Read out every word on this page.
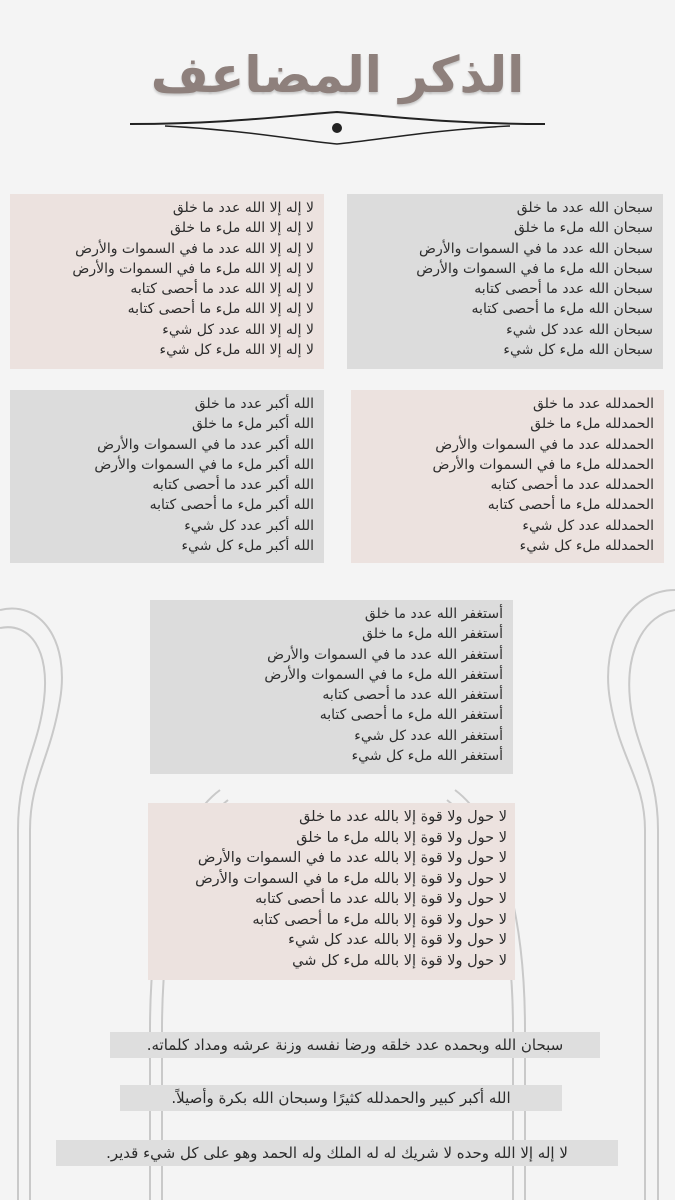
الذكر المضاعف
سبحان الله عدد ما خلق
سبحان الله ملء ما خلق
سبحان الله عدد ما في السموات والأرض
سبحان الله ملء ما في السموات والأرض
سبحان الله عدد ما أحصى كتابه
سبحان الله ملء ما أحصى كتابه
سبحان الله عدد كل شيء
سبحان الله ملء كل شيء
لا إله إلا الله عدد ما خلق
لا إله إلا الله ملء ما خلق
لا إله إلا الله عدد ما في السموات والأرض
لا إله إلا الله ملء ما في السموات والأرض
لا إله إلا الله عدد ما أحصى كتابه
لا إله إلا الله ملء ما أحصى كتابه
لا إله إلا الله عدد كل شيء
لا إله إلا الله ملء كل شيء
الحمدلله عدد ما خلق
الحمدلله ملء ما خلق
الحمدلله عدد ما في السموات والأرض
الحمدلله ملء ما في السموات والأرض
الحمدلله عدد ما أحصى كتابه
الحمدلله ملء ما أحصى كتابه
الحمدلله عدد كل شيء
الحمدلله ملء كل شيء
الله أكبر عدد ما خلق
الله أكبر ملء ما خلق
الله أكبر عدد ما في السموات والأرض
الله أكبر ملء ما في السموات والأرض
الله أكبر عدد ما أحصى كتابه
الله أكبر ملء ما أحصى كتابه
الله أكبر عدد كل شيء
الله أكبر ملء كل شيء
أستغفر الله عدد ما خلق
أستغفر الله ملء ما خلق
أستغفر الله عدد ما في السموات والأرض
أستغفر الله ملء ما في السموات والأرض
أستغفر الله عدد ما أحصى كتابه
أستغفر الله ملء ما أحصى كتابه
أستغفر الله عدد كل شيء
أستغفر الله ملء كل شيء
لا حول ولا قوة إلا بالله عدد ما خلق
لا حول ولا قوة إلا بالله ملء ما خلق
لا حول ولا قوة إلا بالله عدد ما في السموات والأرض
لا حول ولا قوة إلا بالله ملء ما في السموات والأرض
لا حول ولا قوة إلا بالله عدد ما أحصى كتابه
لا حول ولا قوة إلا بالله ملء ما أحصى كتابه
لا حول ولا قوة إلا بالله عدد كل شيء
لا حول ولا قوة إلا بالله ملء كل شي
سبحان الله وبحمده عدد خلقه ورضا نفسه وزنة عرشه ومداد كلماته.
الله أكبر كبير والحمدلله كثيرًا وسبحان الله بكرة وأصيلاً.
لا إله إلا الله وحده لا شريك له له الملك وله الحمد وهو على كل شيء قدير.
